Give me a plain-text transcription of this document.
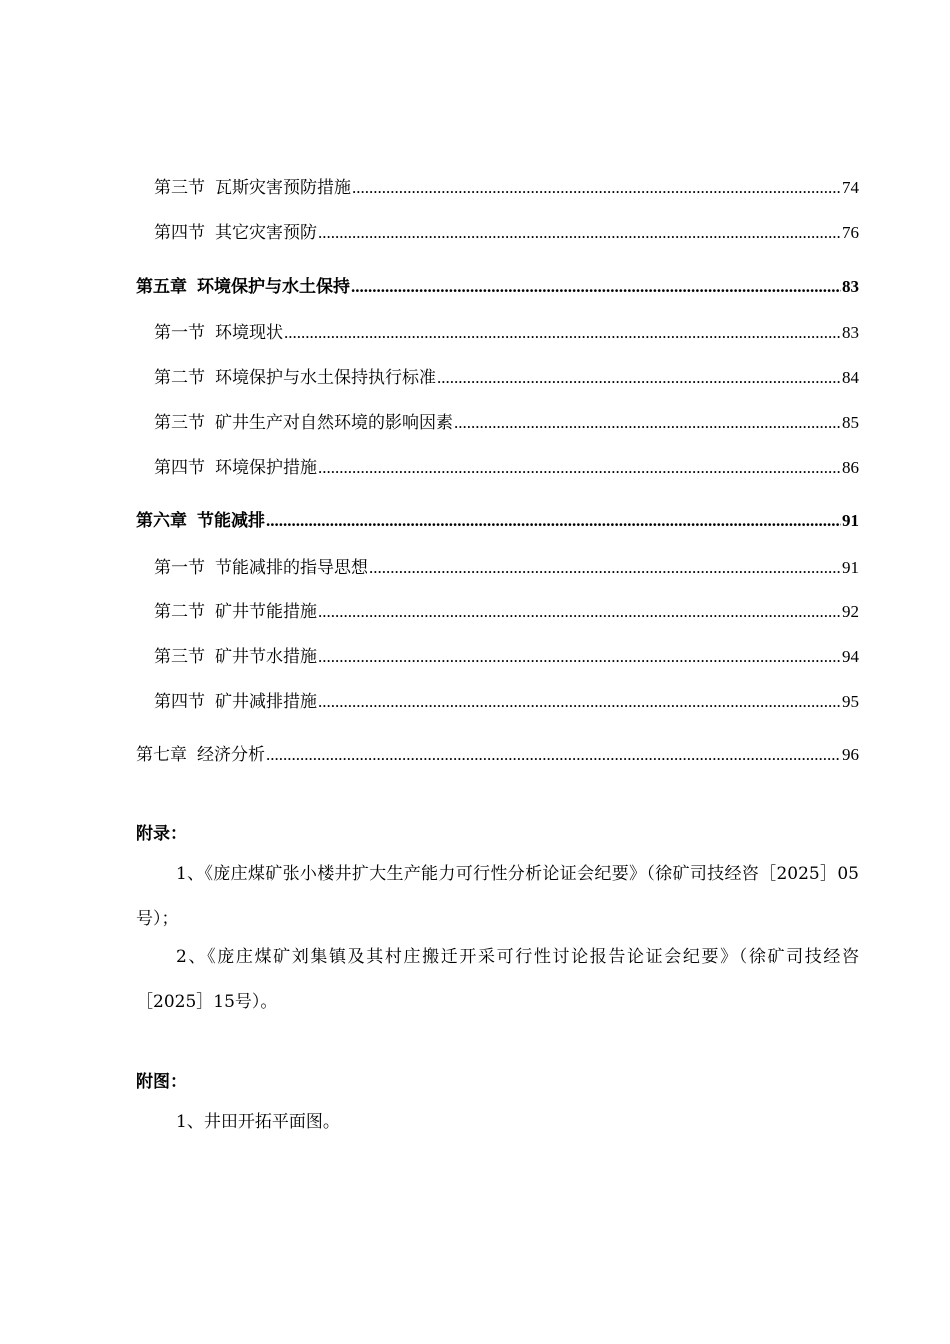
第三节 瓦斯灾害预防措施 .....	74
第四节 其它灾害预防 .....	76
第五章 环境保护与水土保持 .....	83
第一节 环境现状 .....	83
第二节 环境保护与水土保持执行标准 .....	84
第三节 矿井生产对自然环境的影响因素 .....	85
第四节 环境保护措施 .....	86
第六章 节能减排 .....	91
第一节 节能减排的指导思想 .....	91
第二节 矿井节能措施 .....	92
第三节 矿井节水措施 .....	94
第四节 矿井减排措施 .....	95
第七章 经济分析 .....	96
附录：
1、《庞庄煤矿张小楼井扩大生产能力可行性分析论证会纪要》（徐矿司技经咨［2025］05号）；
2、《庞庄煤矿刘集镇及其村庄搬迁开采可行性讨论报告论证会纪要》（徐矿司技经咨［2025］15号）。
附图：
1、井田开拓平面图。
